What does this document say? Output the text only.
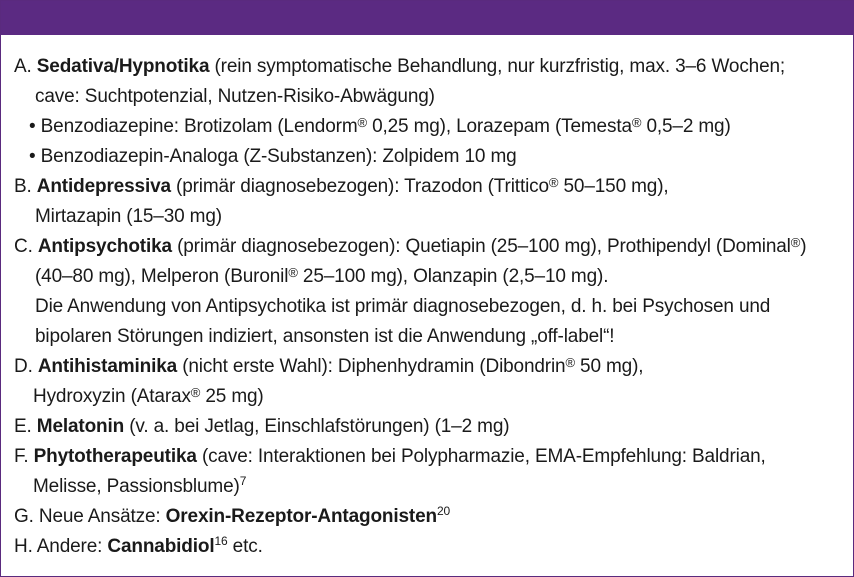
A. Sedativa/Hypnotika (rein symptomatische Behandlung, nur kurzfristig, max. 3–6 Wochen;
cave: Suchtpotenzial, Nutzen-Risiko-Abwägung)
• Benzodiazepine: Brotizolam (Lendorm® 0,25 mg), Lorazepam (Temesta® 0,5–2 mg)
• Benzodiazepin-Analoga (Z-Substanzen): Zolpidem 10 mg
B. Antidepressiva (primär diagnosebezogen): Trazodon (Trittico® 50–150 mg),
Mirtazapin (15–30 mg)
C. Antipsychotika (primär diagnosebezogen): Quetiapin (25–100 mg), Prothipendyl (Dominal®)
(40–80 mg), Melperon (Buronil® 25–100 mg), Olanzapin (2,5–10 mg).
Die Anwendung von Antipsychotika ist primär diagnosebezogen, d. h. bei Psychosen und
bipolaren Störungen indiziert, ansonsten ist die Anwendung „off-label“!
D. Antihistaminika (nicht erste Wahl): Diphenhydramin (Dibondrin® 50 mg),
Hydroxyzin (Atarax® 25 mg)
E. Melatonin (v. a. bei Jetlag, Einschlafstörungen) (1–2 mg)
F. Phytotherapeutika (cave: Interaktionen bei Polypharmazie, EMA-Empfehlung: Baldrian,
Melisse, Passionsblume)$^7$
G. Neue Ansätze: Orexin-Rezeptor-Antagonisten$^{20}$
H. Andere: Cannabidiol$^{16}$ etc.
